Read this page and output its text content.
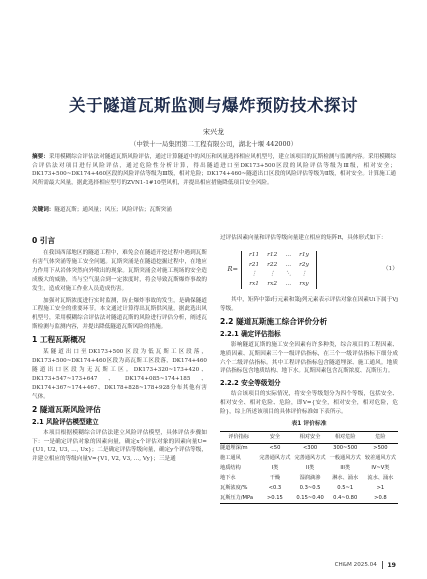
关于隧道瓦斯监测与爆炸预防技术探讨
宋兴龙
（中铁十一局集团第二工程有限公司，湖北十堰 442000）
摘要：采用模糊综合评估法对隧道瓦斯风险评估，通过计算隧道中的风压和风量选择相应风机型号，建立该项目的瓦斯检测与监测内容。采用模糊综合评估法对项目进行风险评估，通过危险性分析计算，得出隧道进口至DK173+500区段的风险评估等级为Ⅲ级，相对安全；DK173+500~DK174+460区段的风险评估等级为Ⅲ级，相对危险；DK174+460~隧道出口区段的风险评估等级为Ⅱ级，相对安全。计算施工通风所需最大风量，据此选择相应型号的ZVN1-1#10型风机，并提出相应措施降低项目安全风险。
关键词：隧道瓦斯；通风量；风压；风险评估；瓦斯突涌
0 引言
在我国西部地区的隧道工程中，难免会在隧道开挖过程中遇到瓦斯有害气体突涌等施工安全问题。瓦斯突涌是在隧道挖掘过程中，在地应力作用下从岩体突然向外喷出的现象。瓦斯突涌会对施工现场的安全造成极大的威胁，当与空气混合到一定浓度时，将会导致瓦斯爆炸事故的发生，造成对施工作业人员造成伤害。
加强对瓦斯浓度进行实时监测，防止爆炸事故的发生，是确保隧道工程施工安全的重要环节。本文通过计算得出瓦斯供风量，据此选出风机型号，采用模糊综合评估法对隧道瓦斯的风险进行评估分析，阐述瓦斯检测与监测内容，并提出降低隧道瓦斯风险的措施。
1 工程瓦斯概况
某隧道出口至DK173+500区段为低瓦斯工区段落，DK173+500~DK174+460区段为高瓦斯工区段落，DK174+460隧道出口区段为无瓦斯工区。DK173+320~173+420、DK173+547~173+647、DK174+085~174+185、DK174+367~174+467、DK178+828~178+928分布其他有害气体。
2 隧道瓦斯风险评估
2.1 风险评估模型建立
本项目根据模糊综合评估法建立风险评估模型，具体评估步骤如下：一是确定评估对象的因素向量，确定x个评估对象的因素向量U={U1, U2, U3, …, Ux}；二是确定评估等级向量，确定y个评估等级，并建立相应的等级向量V={V1, V2, V3, …, Vy}；三是通
过评估因素向量和评估等级向量建立相应的矩阵R，具体形式如下：
R=
r11	r12	…	r1y
r21	r22	…	r2y
⋮	⋮	⋱	⋮
rx1	rx2	…	rxy
（1）
其中，矩阵中第i行元素和第j列元素表示评估对象在因素Ui下属于Vj等级。
2.2 隧道瓦斯施工综合评价分析
2.2.1 确定评估指标
影响隧道瓦斯的施工安全因素有许多种类，综合项目的工程因素、地质因素、瓦斯因素三个一级评估指标，在三个一级评估指标下细分成六个二级评估指标。其中工程评估指标包含隧道埋深、施工通风。地质评估指标包含地质结构、地下水。瓦斯因素包含瓦斯浓度、瓦斯压力。
2.2.2 安全等级划分
结合该项目的实际情况，将安全等级划分为四个等级，包括安全、相对安全、相对危险、危险，即V={安全，相对安全，相对危险，危险}，综上所述该项目的具体评价标准如下表所示。
表1 评价标准
评价指标	安全	相对安全	相对危险	危险
隧道埋深/m	<50	<300	300~500	>500
施工通风	完善通风方式	完善通风方式	一般通风方式	较差通风方式
地质结构	I类	II类	III类	IV~V类
地下水	干燥	湿润滴渗	淋水、涌水	流水、涌水
瓦斯浓度/%	<0.3	0.3~0.5	0.5~1	>1
瓦斯压力/MPa	>0.15	0.15~0.40	0.4~0.80	>0.8
CH&M 2025.04 19
